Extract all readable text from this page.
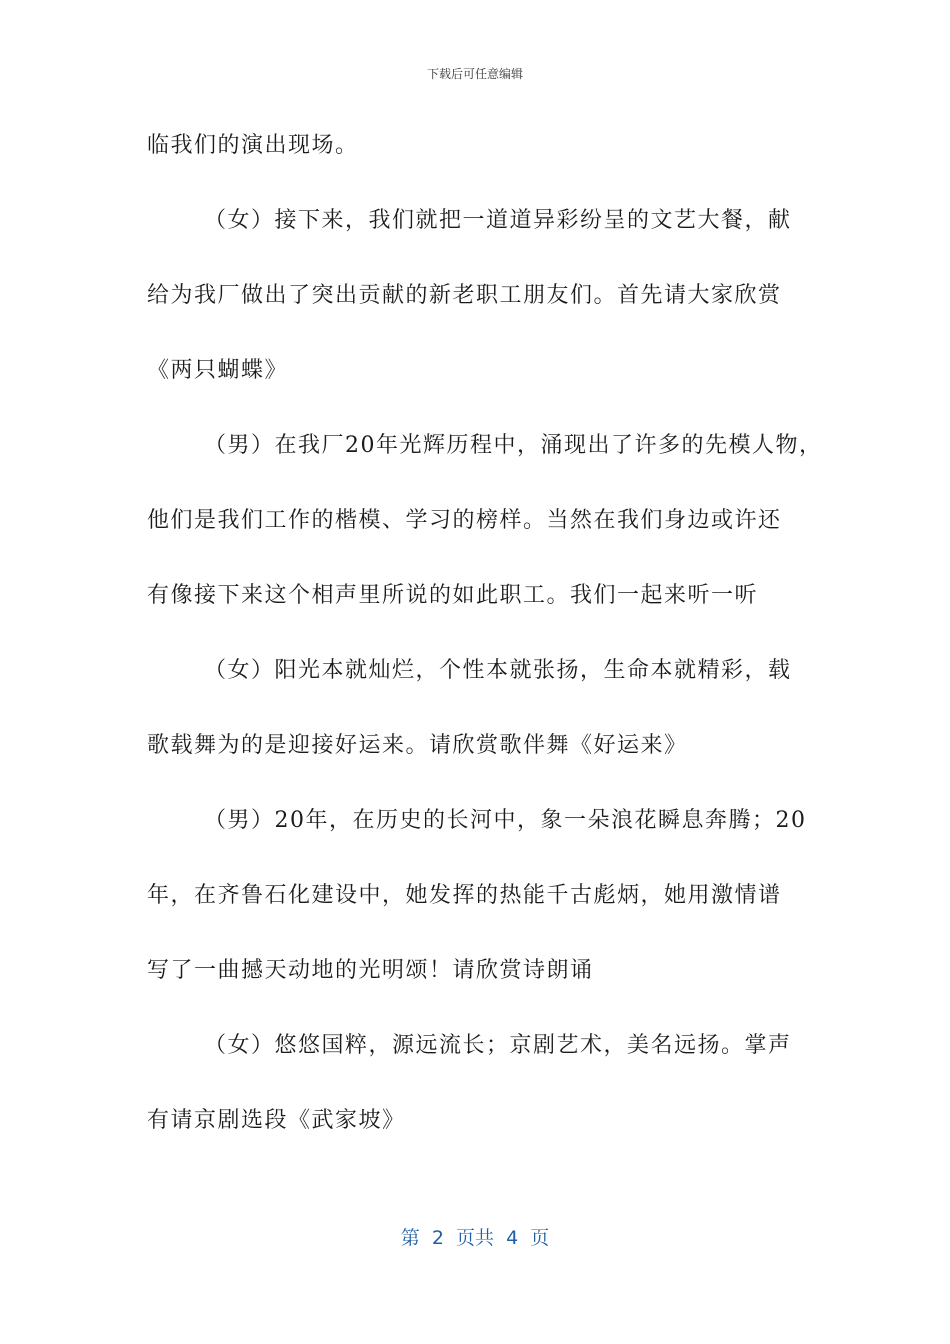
下载后可任意编辑
临我们的演出现场。
（女）接下来，我们就把一道道异彩纷呈的文艺大餐，献
给为我厂做出了突出贡献的新老职工朋友们。首先请大家欣赏
《两只蝴蝶》
（男）在我厂20年光辉历程中，涌现出了许多的先模人物，
他们是我们工作的楷模、学习的榜样。当然在我们身边或许还
有像接下来这个相声里所说的如此职工。我们一起来听一听
（女）阳光本就灿烂，个性本就张扬，生命本就精彩，载
歌载舞为的是迎接好运来。请欣赏歌伴舞《好运来》
（男）20年，在历史的长河中，象一朵浪花瞬息奔腾；20
年，在齐鲁石化建设中，她发挥的热能千古彪炳，她用激情谱
写了一曲撼天动地的光明颂！请欣赏诗朗诵
（女）悠悠国粹，源远流长；京剧艺术，美名远扬。掌声
有请京剧选段《武家坡》
第  2  页共  4  页
